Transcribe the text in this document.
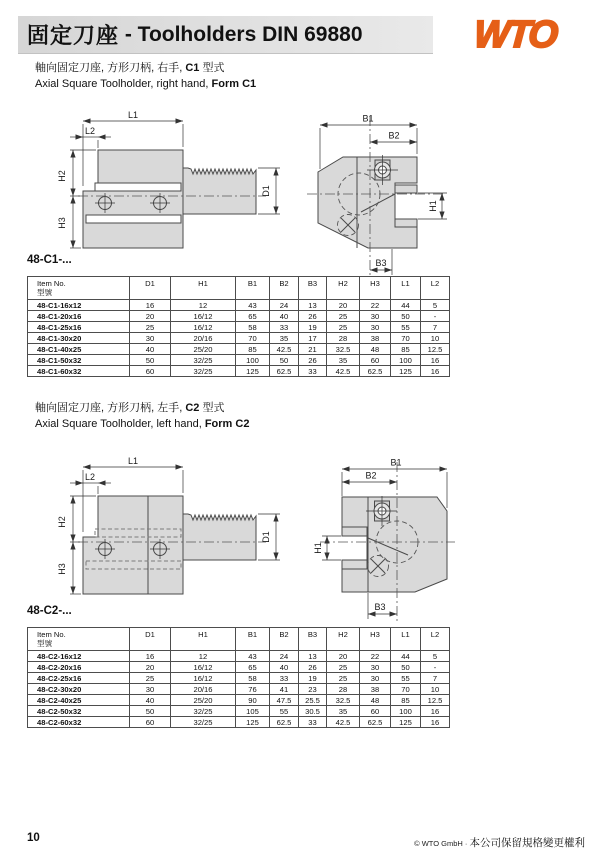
固定刀座 - Toolholders DIN 69880	WTO

軸向固定刀座, 方形刀柄, 右手, C1 型式

Axial Square Toolholder, right hand, Form C1

L1
L2
H2
H3
D1
B1
B2
H1
B3

48-C1-...

Item No.
型號	D1	H1	B1	B2	B3	H2	H3	L1	L2
48-C1-16x12	16	12	43	24	13	20	22	44	5
48-C1-20x16	20	16/12	65	40	26	25	30	50	-
48-C1-25x16	25	16/12	58	33	19	25	30	55	7
48-C1-30x20	30	20/16	70	35	17	28	38	70	10
48-C1-40x25	40	25/20	85	42.5	21	32.5	48	85	12.5
48-C1-50x32	50	32/25	100	50	26	35	60	100	16
48-C1-60x32	60	32/25	125	62.5	33	42.5	62.5	125	16

軸向固定刀座, 方形刀柄, 左手, C2 型式

Axial Square Toolholder, left hand, Form C2

L1
L2
H2
H3
D1
B1
B2
H1
B3

48-C2-...

Item No.
型號	D1	H1	B1	B2	B3	H2	H3	L1	L2
48-C2-16x12	16	12	43	24	13	20	22	44	5
48-C2-20x16	20	16/12	65	40	26	25	30	50	-
48-C2-25x16	25	16/12	58	33	19	25	30	55	7
48-C2-30x20	30	20/16	76	41	23	28	38	70	10
48-C2-40x25	40	25/20	90	47.5	25.5	32.5	48	85	12.5
48-C2-50x32	50	32/25	105	55	30.5	35	60	100	16
48-C2-60x32	60	32/25	125	62.5	33	42.5	62.5	125	16
10	© WTO GmbH · 本公司保留規格變更權利
